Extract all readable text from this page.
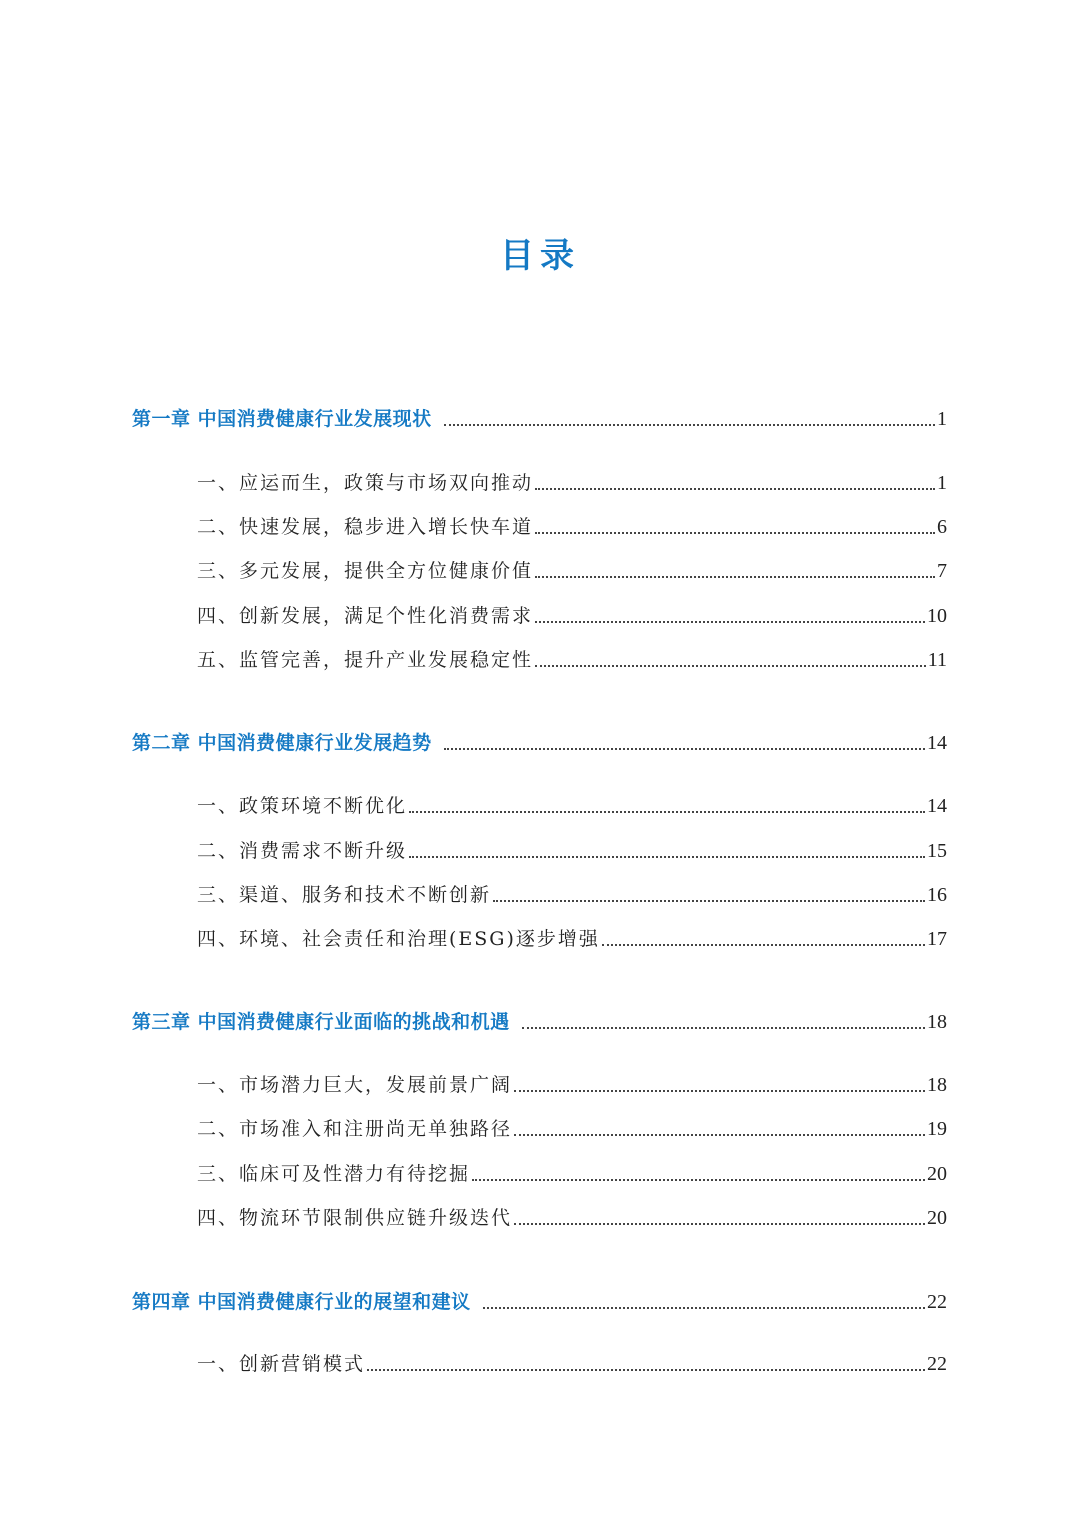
目录
第一章 中国消费健康行业发展现状	1
一、应运而生，政策与市场双向推动	1
二、快速发展，稳步进入增长快车道	6
三、多元发展，提供全方位健康价值	7
四、创新发展，满足个性化消费需求	10
五、监管完善，提升产业发展稳定性	11
第二章 中国消费健康行业发展趋势	14
一、政策环境不断优化	14
二、消费需求不断升级	15
三、渠道、服务和技术不断创新	16
四、环境、社会责任和治理(ESG)逐步增强	17
第三章 中国消费健康行业面临的挑战和机遇	18
一、市场潜力巨大，发展前景广阔	18
二、市场准入和注册尚无单独路径	19
三、临床可及性潜力有待挖掘	20
四、物流环节限制供应链升级迭代	20
第四章 中国消费健康行业的展望和建议	22
一、创新营销模式	22
